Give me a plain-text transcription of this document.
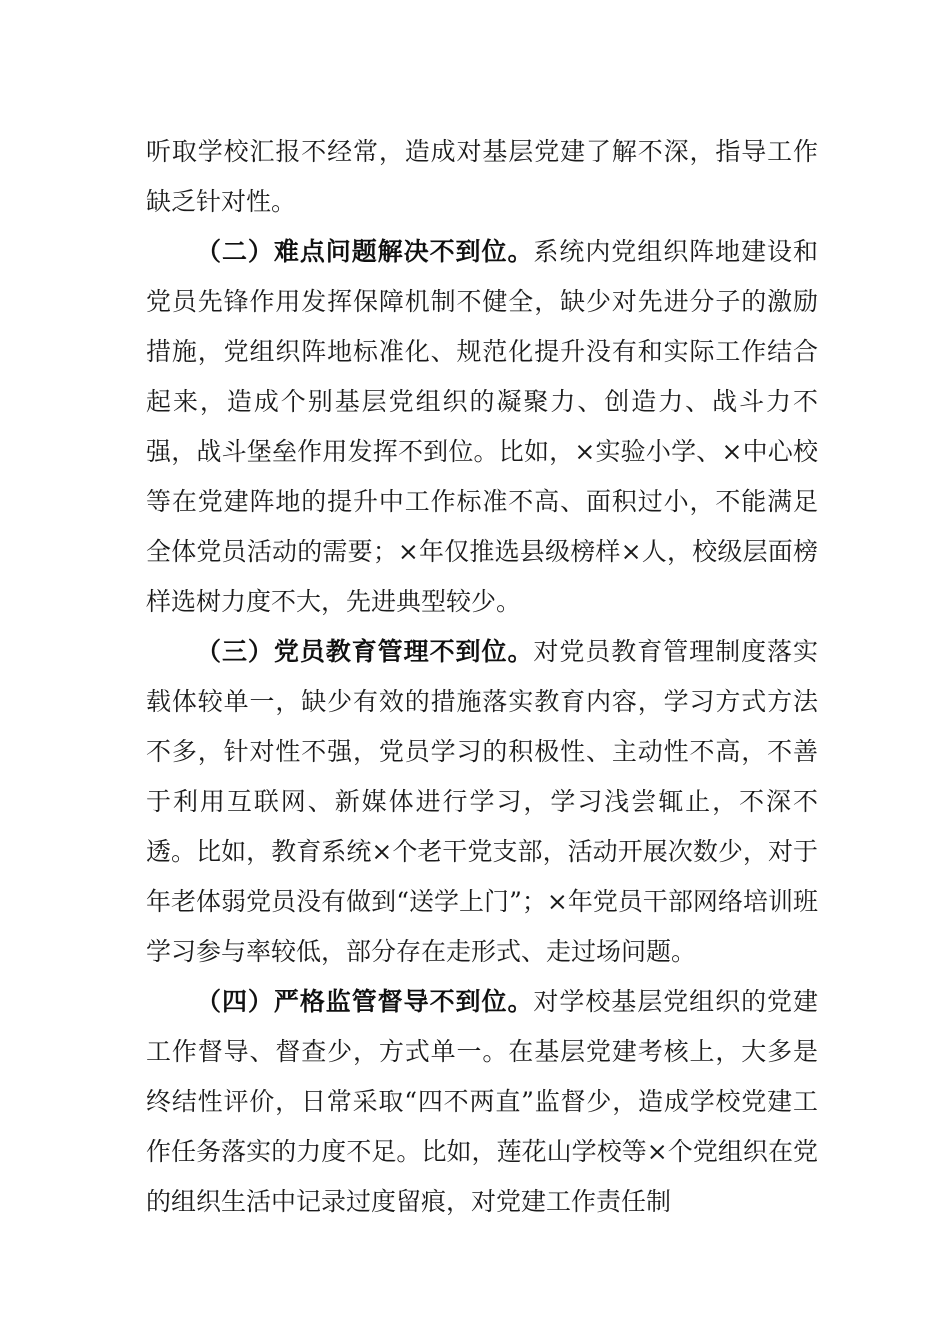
听取学校汇报不经常，造成对基层党建了解不深，指导工作缺乏针对性。

（二）难点问题解决不到位。系统内党组织阵地建设和党员先锋作用发挥保障机制不健全，缺少对先进分子的激励措施，党组织阵地标准化、规范化提升没有和实际工作结合起来，造成个别基层党组织的凝聚力、创造力、战斗力不强，战斗堡垒作用发挥不到位。比如，×实验小学、×中心校等在党建阵地的提升中工作标准不高、面积过小，不能满足全体党员活动的需要；×年仅推选县级榜样×人，校级层面榜样选树力度不大，先进典型较少。

（三）党员教育管理不到位。对党员教育管理制度落实载体较单一，缺少有效的措施落实教育内容，学习方式方法不多，针对性不强，党员学习的积极性、主动性不高，不善于利用互联网、新媒体进行学习，学习浅尝辄止，不深不透。比如，教育系统×个老干党支部，活动开展次数少，对于年老体弱党员没有做到“送学上门”；×年党员干部网络培训班学习参与率较低，部分存在走形式、走过场问题。

（四）严格监管督导不到位。对学校基层党组织的党建工作督导、督查少，方式单一。在基层党建考核上，大多是终结性评价，日常采取“四不两直”监督少，造成学校党建工作任务落实的力度不足。比如，莲花山学校等×个党组织在党的组织生活中记录过度留痕，对党建工作责任制
